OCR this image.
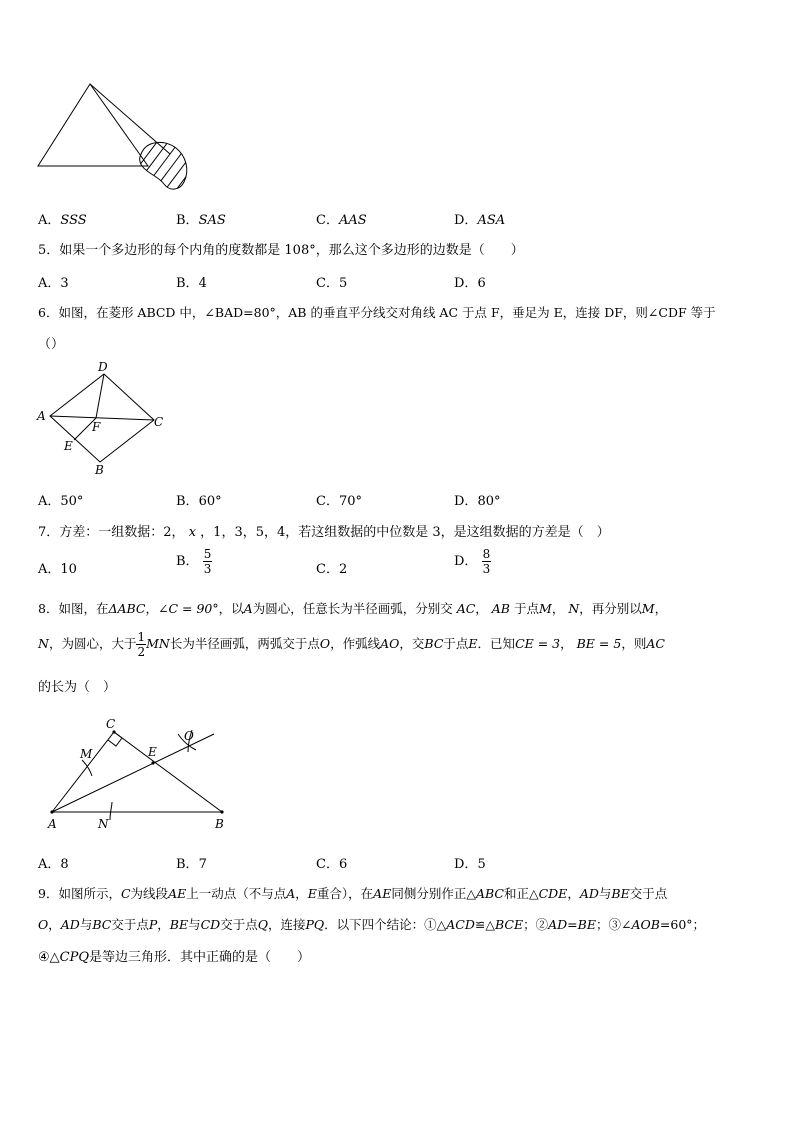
A．SSS	B．SAS	C．AAS	D．ASA
5．如果一个多边形的每个内角的度数都是 108°，那么这个多边形的边数是（　　）
A．3	B．4	C．5	D．6
6．如图，在菱形 ABCD 中，∠BAD=80°，AB 的垂直平分线交对角线 AC 于点 F，垂足为 E，连接 DF，则∠CDF 等于
（）
D
A
F	C
E
B
A．50°	B．60°	C．70°	D．80°
7．方差：一组数据：2， x ，1，3，5，4，若这组数据的中位数是 3，是这组数据的方差是（　）
A．10
B． $\frac{5}{3}$	C．2
D． $\frac{8}{3}$
8．如图，在ΔABC，∠C = 90°，以A为圆心，任意长为半径画弧，分别交 AC， AB 于点M， N，再分别以M，
N，为圆心，大于 $\frac{1}{2}$ MN长为半径画弧，两弧交于点O，作弧线AO，交BC于点E．已知CE = 3， BE = 5，则AC
的长为（　）
C
M	E
O
A	N	B
A．8	B．7	C．6	D．5
9．如图所示，C为线段AE上一动点（不与点A，E重合），在AE同侧分别作正△ABC和正△CDE，AD与BE交于点
O，AD与BC交于点P，BE与CD交于点Q，连接PQ．以下四个结论：①△ACD≌△BCE；②AD=BE；③∠AOB=60°；
④△CPQ是等边三角形．其中正确的是（　　）
